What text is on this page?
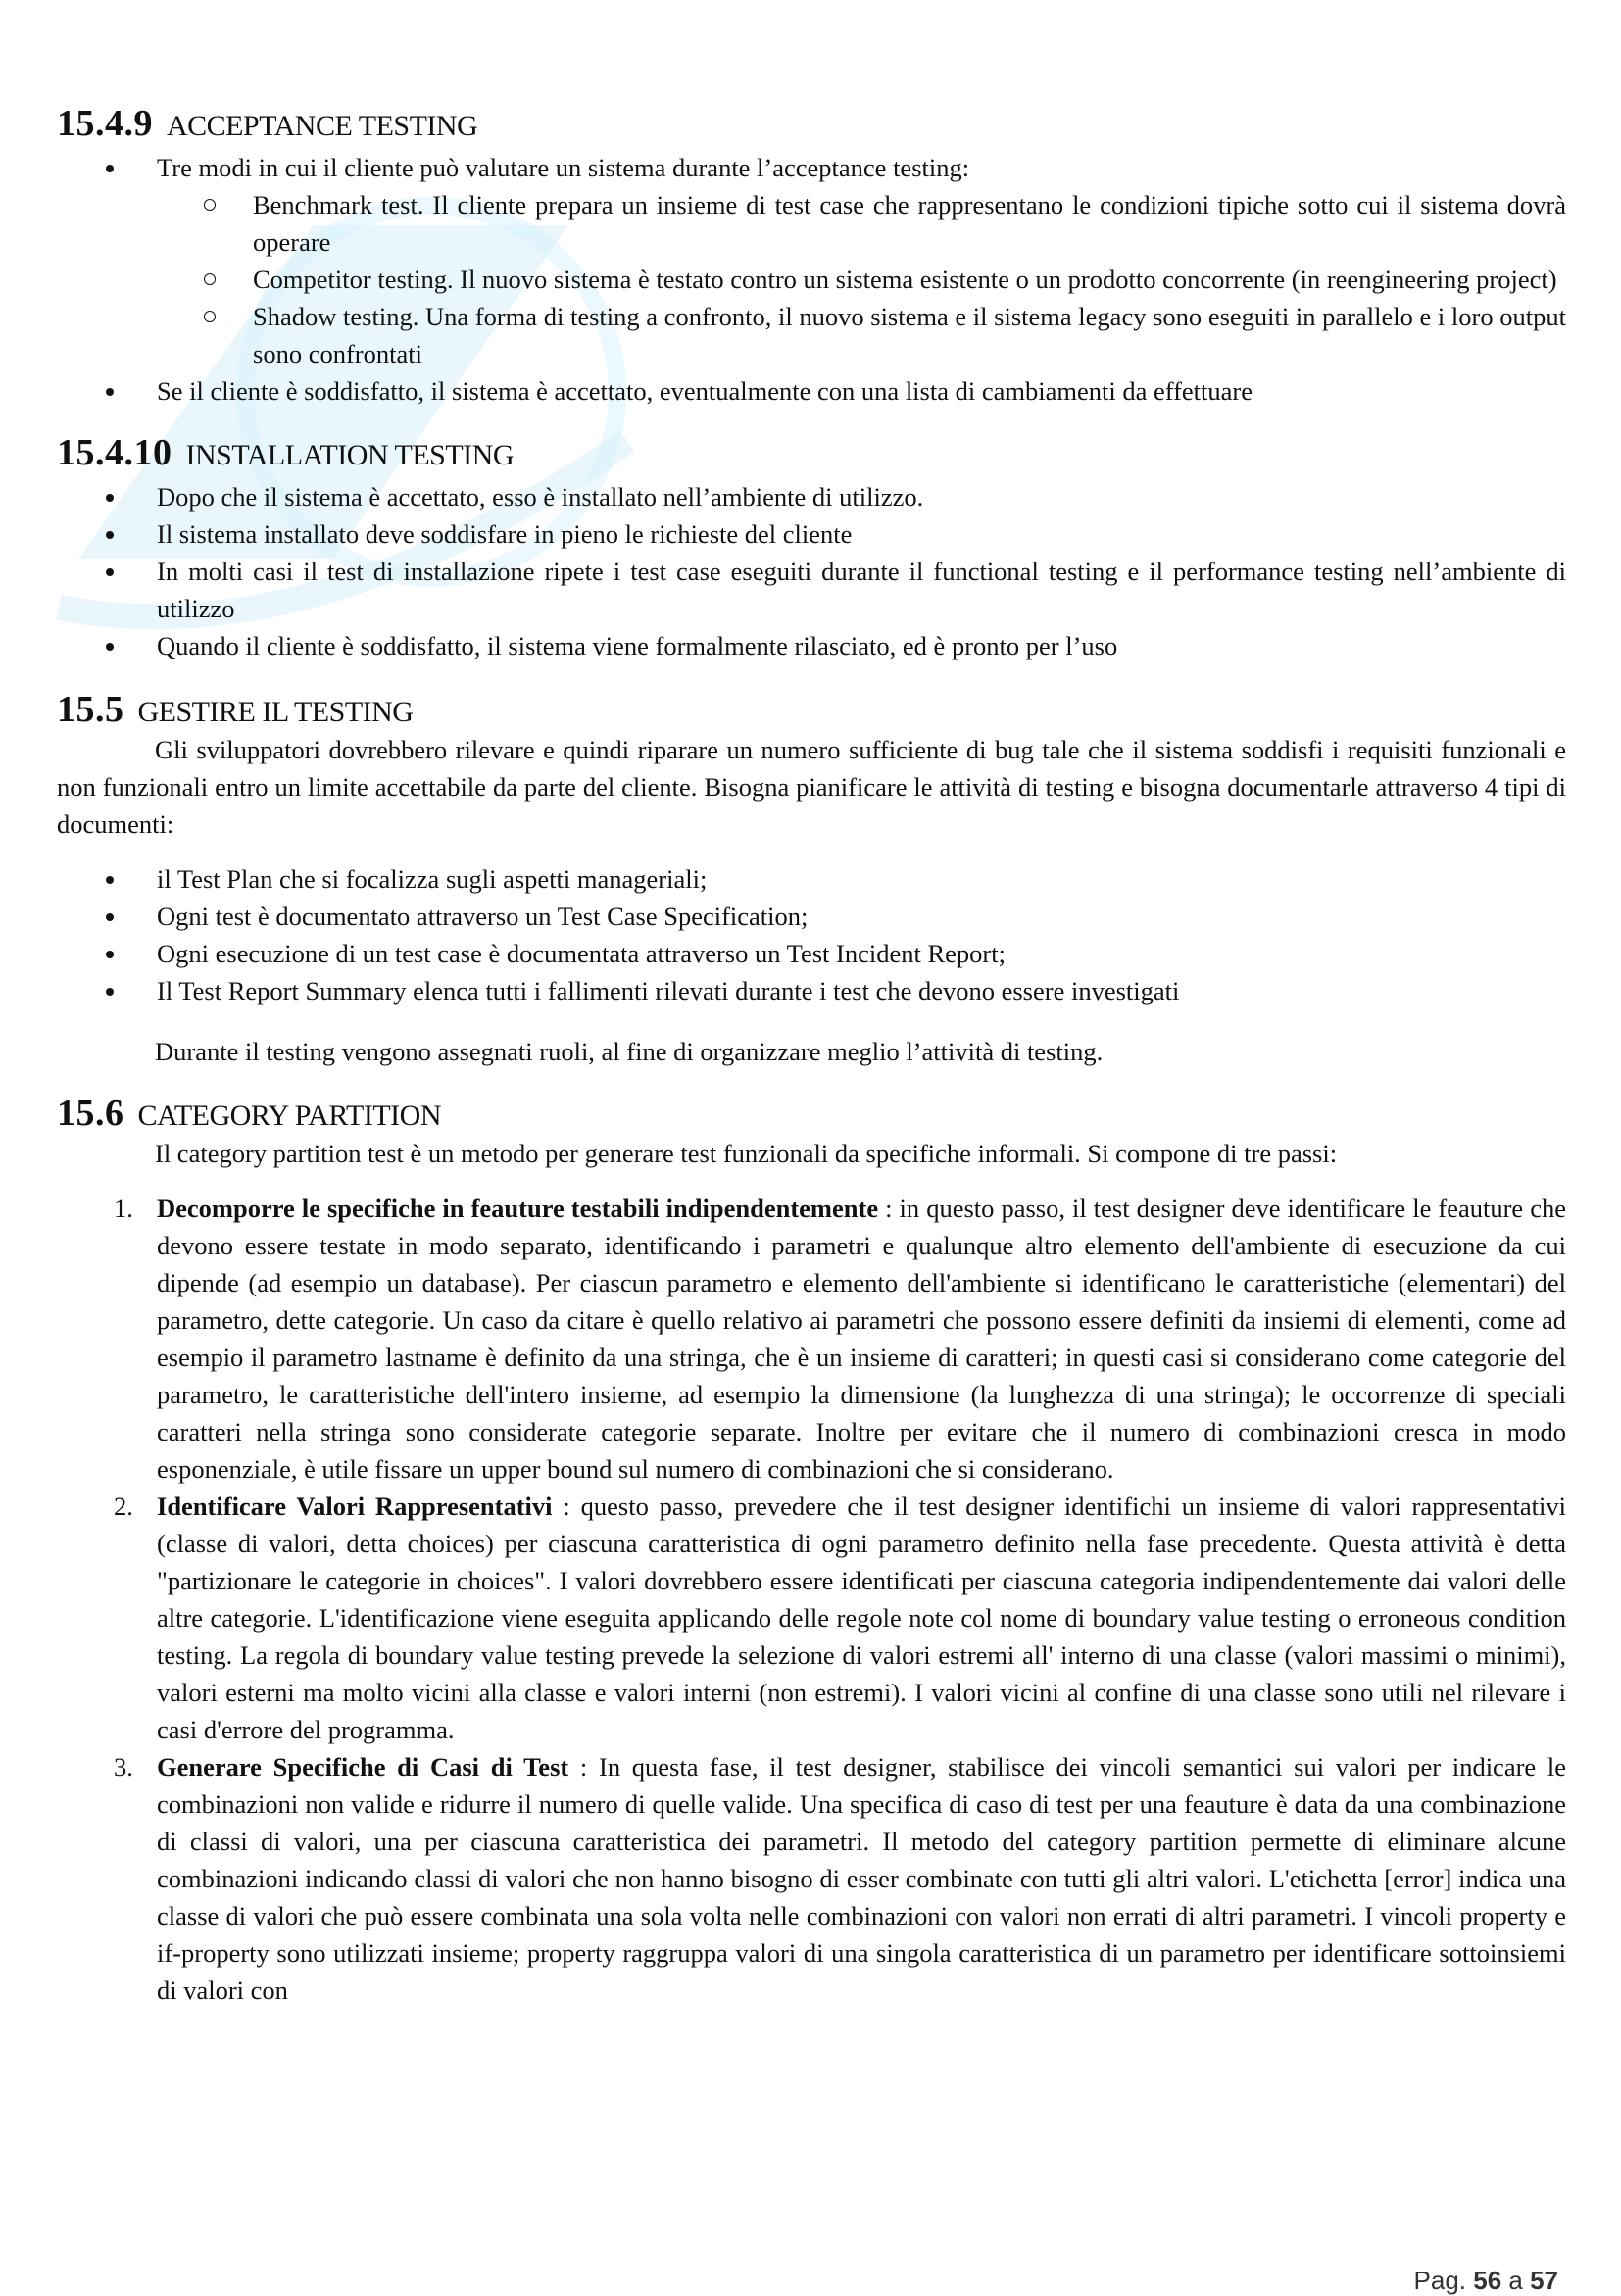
15.4.9 ACCEPTANCE TESTING
Tre modi in cui il cliente può valutare un sistema durante l’acceptance testing:
Benchmark test. Il cliente prepara un insieme di test case che rappresentano le condizioni tipiche sotto cui il sistema dovrà operare
Competitor testing. Il nuovo sistema è testato contro un sistema esistente o un prodotto concorrente (in reengineering project)
Shadow testing. Una forma di testing a confronto, il nuovo sistema e il sistema legacy sono eseguiti in parallelo e i loro output sono confrontati
Se il cliente è soddisfatto, il sistema è accettato, eventualmente con una lista di cambiamenti da effettuare
15.4.10 INSTALLATION TESTING
Dopo che il sistema è accettato, esso è installato nell’ambiente di utilizzo.
Il sistema installato deve soddisfare in pieno le richieste del cliente
In molti casi il test di installazione ripete i test case eseguiti durante il functional testing e il performance testing nell’ambiente di utilizzo
Quando il cliente è soddisfatto, il sistema viene formalmente rilasciato, ed è pronto per l’uso
15.5 GESTIRE IL TESTING

Gli sviluppatori dovrebbero rilevare e quindi riparare un numero sufficiente di bug tale che il sistema soddisfi i requisiti funzionali e non funzionali entro un limite accettabile da parte del cliente. Bisogna pianificare le attività di testing e bisogna documentarle attraverso 4 tipi di documenti:

il Test Plan che si focalizza sugli aspetti manageriali;
Ogni test è documentato attraverso un Test Case Specification;
Ogni esecuzione di un test case è documentata attraverso un Test Incident Report;
Il Test Report Summary elenca tutti i fallimenti rilevati durante i test che devono essere investigati

Durante il testing vengono assegnati ruoli, al fine di organizzare meglio l’attività di testing.

15.6 CATEGORY PARTITION

Il category partition test è un metodo per generare test funzionali da specifiche informali. Si compone di tre passi:

1. Decomporre le specifiche in feauture testabili indipendentemente : in questo passo, il test designer deve identificare le feauture che devono essere testate in modo separato, identificando i parametri e qualunque altro elemento dell'ambiente di esecuzione da cui dipende (ad esempio un database). Per ciascun parametro e elemento dell'ambiente si identificano le caratteristiche (elementari) del parametro, dette categorie. Un caso da citare è quello relativo ai parametri che possono essere definiti da insiemi di elementi, come ad esempio il parametro lastname è definito da una stringa, che è un insieme di caratteri; in questi casi si considerano come categorie del parametro, le caratteristiche dell'intero insieme, ad esempio la dimensione (la lunghezza di una stringa); le occorrenze di speciali caratteri nella stringa sono considerate categorie separate. Inoltre per evitare che il numero di combinazioni cresca in modo esponenziale, è utile fissare un upper bound sul numero di combinazioni che si considerano.
2. Identificare Valori Rappresentativi : questo passo, prevedere che il test designer identifichi un insieme di valori rappresentativi (classe di valori, detta choices) per ciascuna caratteristica di ogni parametro definito nella fase precedente. Questa attività è detta "partizionare le categorie in choices". I valori dovrebbero essere identificati per ciascuna categoria indipendentemente dai valori delle altre categorie. L'identificazione viene eseguita applicando delle regole note col nome di boundary value testing o erroneous condition testing. La regola di boundary value testing prevede la selezione di valori estremi all' interno di una classe (valori massimi o minimi), valori esterni ma molto vicini alla classe e valori interni (non estremi). I valori vicini al confine di una classe sono utili nel rilevare i casi d'errore del programma.
3. Generare Specifiche di Casi di Test : In questa fase, il test designer, stabilisce dei vincoli semantici sui valori per indicare le combinazioni non valide e ridurre il numero di quelle valide. Una specifica di caso di test per una feauture è data da una combinazione di classi di valori, una per ciascuna caratteristica dei parametri. Il metodo del category partition permette di eliminare alcune combinazioni indicando classi di valori che non hanno bisogno di esser combinate con tutti gli altri valori. L'etichetta [error] indica una classe di valori che può essere combinata una sola volta nelle combinazioni con valori non errati di altri parametri. I vincoli property e if-property sono utilizzati insieme; property raggruppa valori di una singola caratteristica di un parametro per identificare sottoinsiemi di valori con
Pag. 56 a 57
